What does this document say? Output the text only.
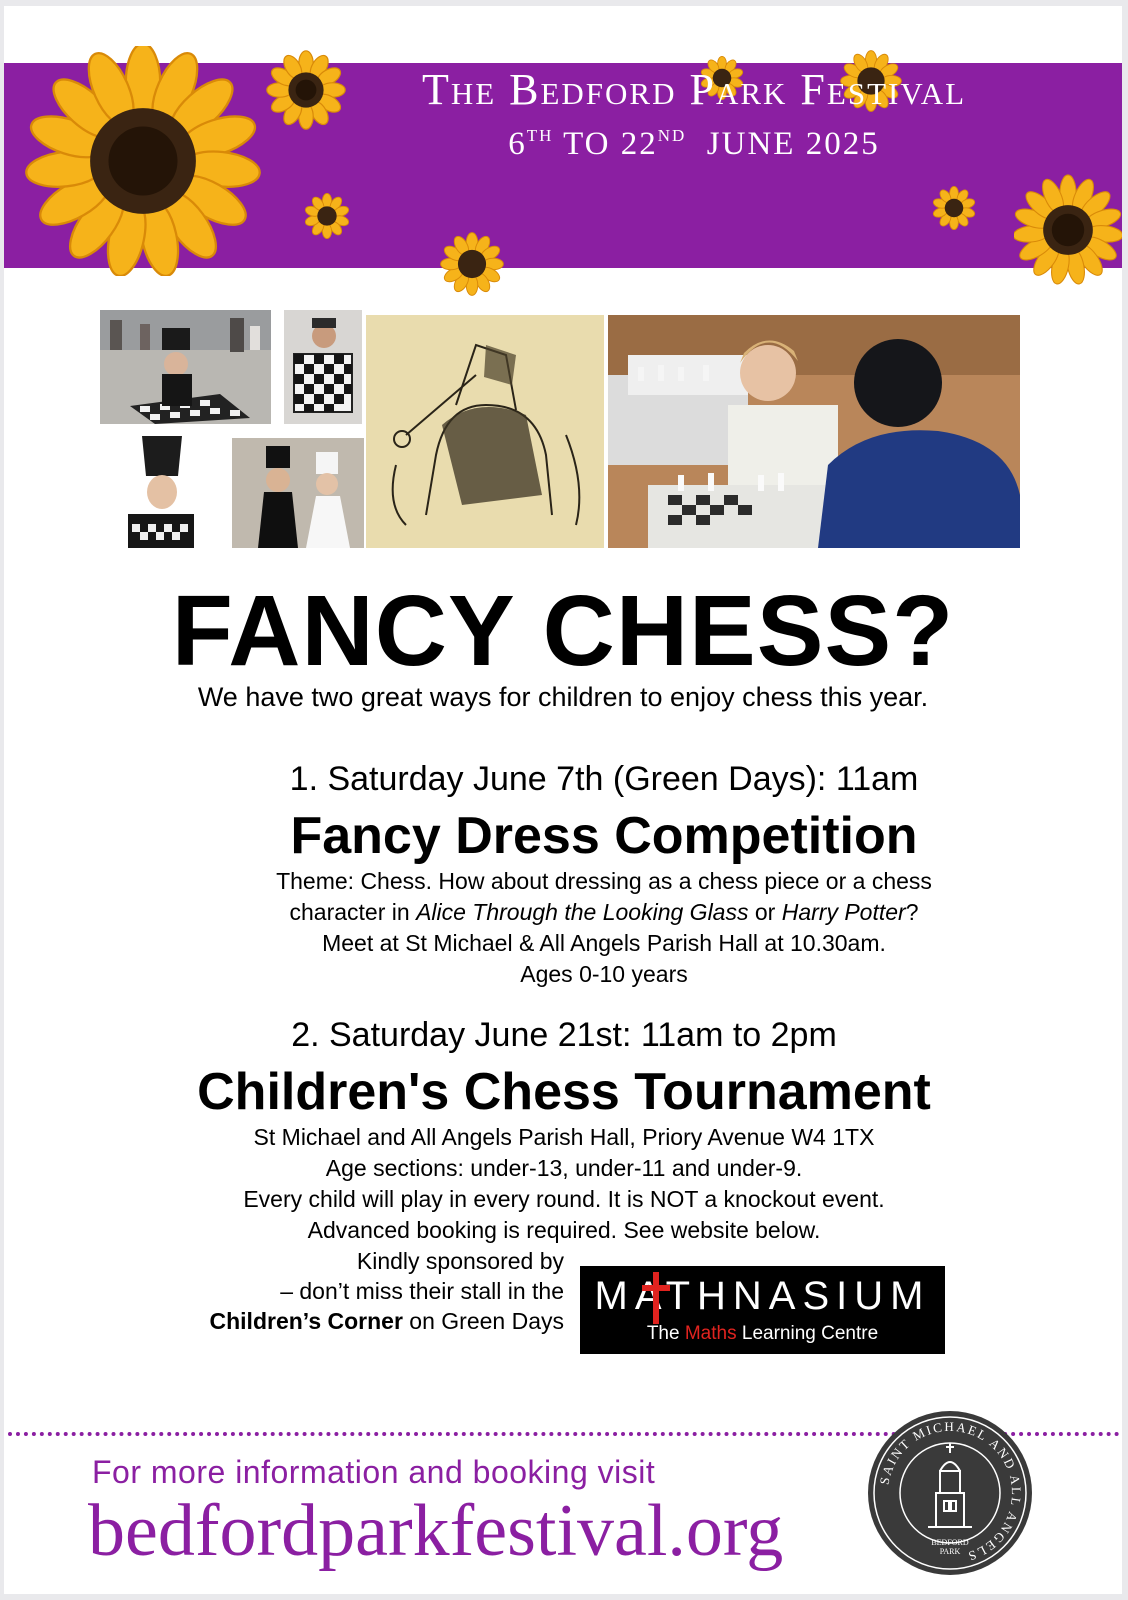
The Bedford Park Festival
6TH TO 22ND  JUNE 2025
FANCY CHESS?
We have two great ways for children to enjoy chess this year.
1. Saturday June 7th (Green Days): 11am
Fancy Dress Competition

Theme: Chess. How about dressing as a chess piece or a chess

character in Alice Through the Looking Glass or Harry Potter?

Meet at St Michael & All Angels Parish Hall at 10.30am.

Ages 0-10 years

2. Saturday June 21st: 11am to 2pm
Children's Chess Tournament

St Michael and All Angels Parish Hall, Priory Avenue W4 1TX

Age sections: under-13, under-11 and under-9.

Every child will play in every round. It is NOT a knockout event.

Advanced booking is required. See website below.

Kindly sponsored by

– don’t miss their stall in the

Children’s Corner on Green Days

MATHNASIUM
The Maths Learning Centre
For more information and booking visit
bedfordparkfestival.org
SAINT MICHAEL AND ALL ANGELS
BEDFORD
PARK
